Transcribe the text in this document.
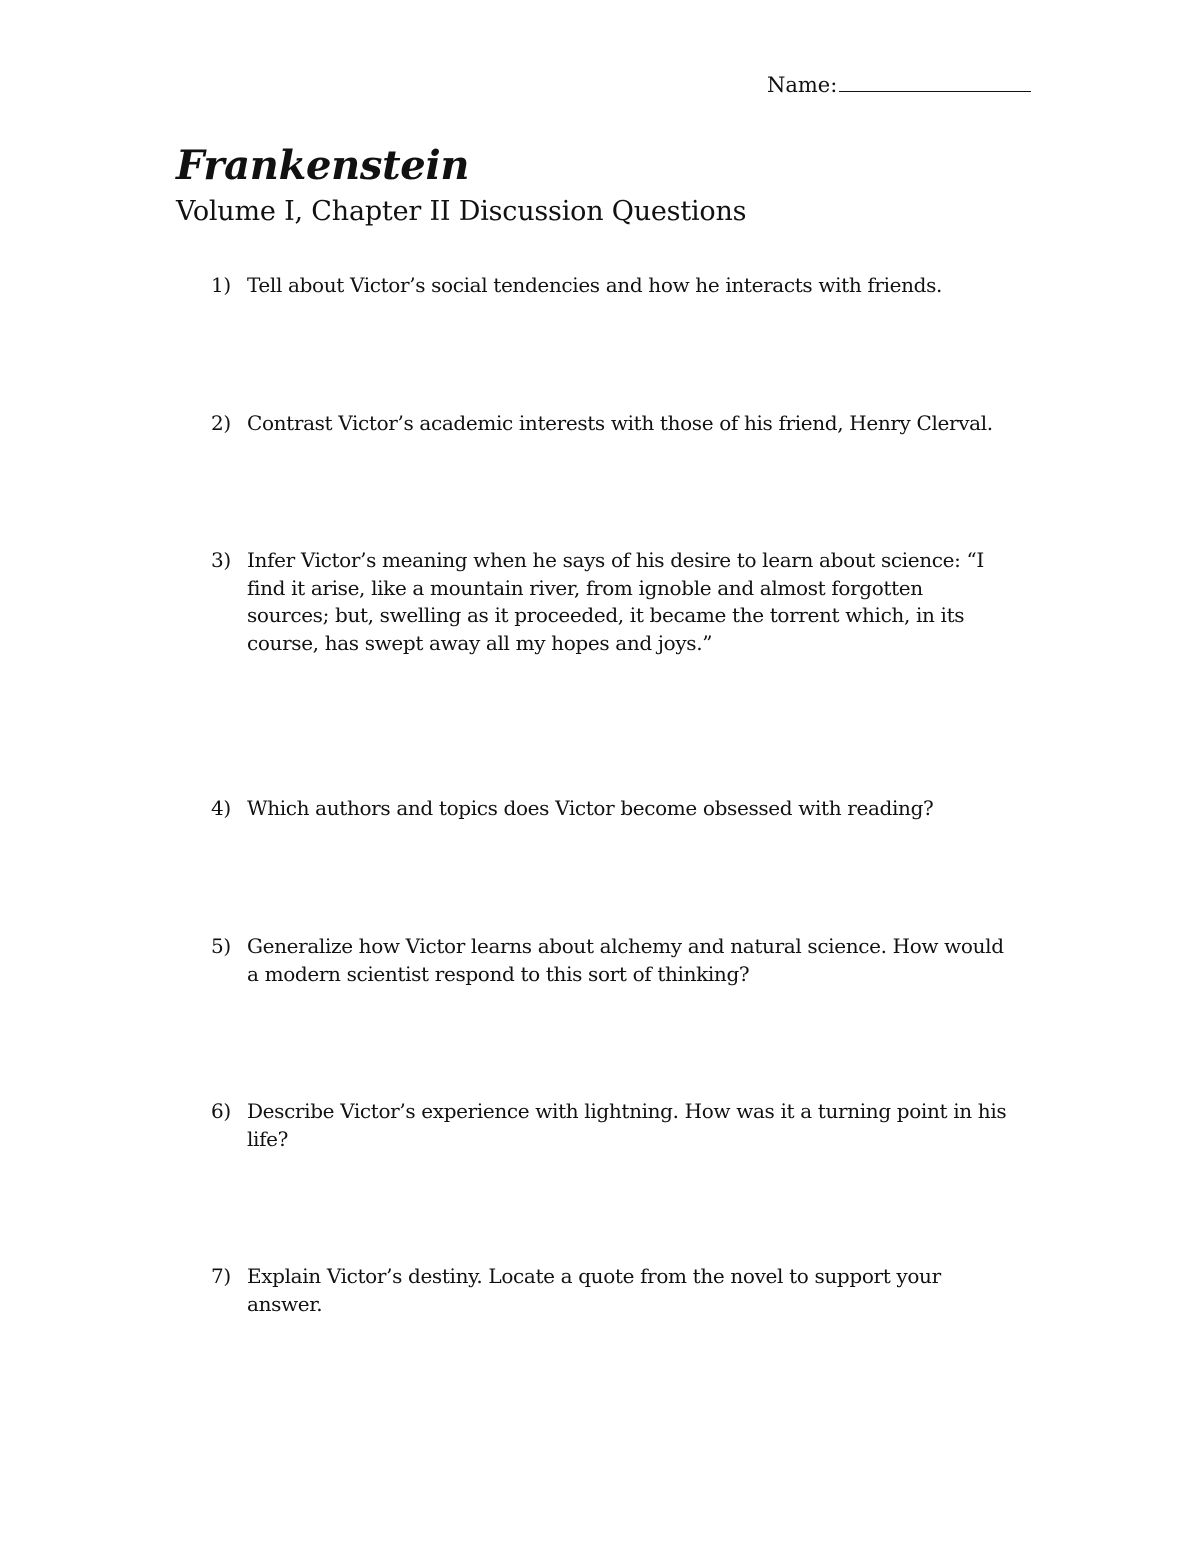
Name:
Frankenstein
Volume I, Chapter II Discussion Questions
1) Tell about Victor’s social tendencies and how he interacts with friends.
2) Contrast Victor’s academic interests with those of his friend, Henry Clerval.
3) Infer Victor’s meaning when he says of his desire to learn about science: “I
find it arise, like a mountain river, from ignoble and almost forgotten
sources; but, swelling as it proceeded, it became the torrent which, in its
course, has swept away all my hopes and joys.”
4) Which authors and topics does Victor become obsessed with reading?
5) Generalize how Victor learns about alchemy and natural science. How would
a modern scientist respond to this sort of thinking?
6) Describe Victor’s experience with lightning. How was it a turning point in his
life?
7) Explain Victor’s destiny. Locate a quote from the novel to support your
answer.
